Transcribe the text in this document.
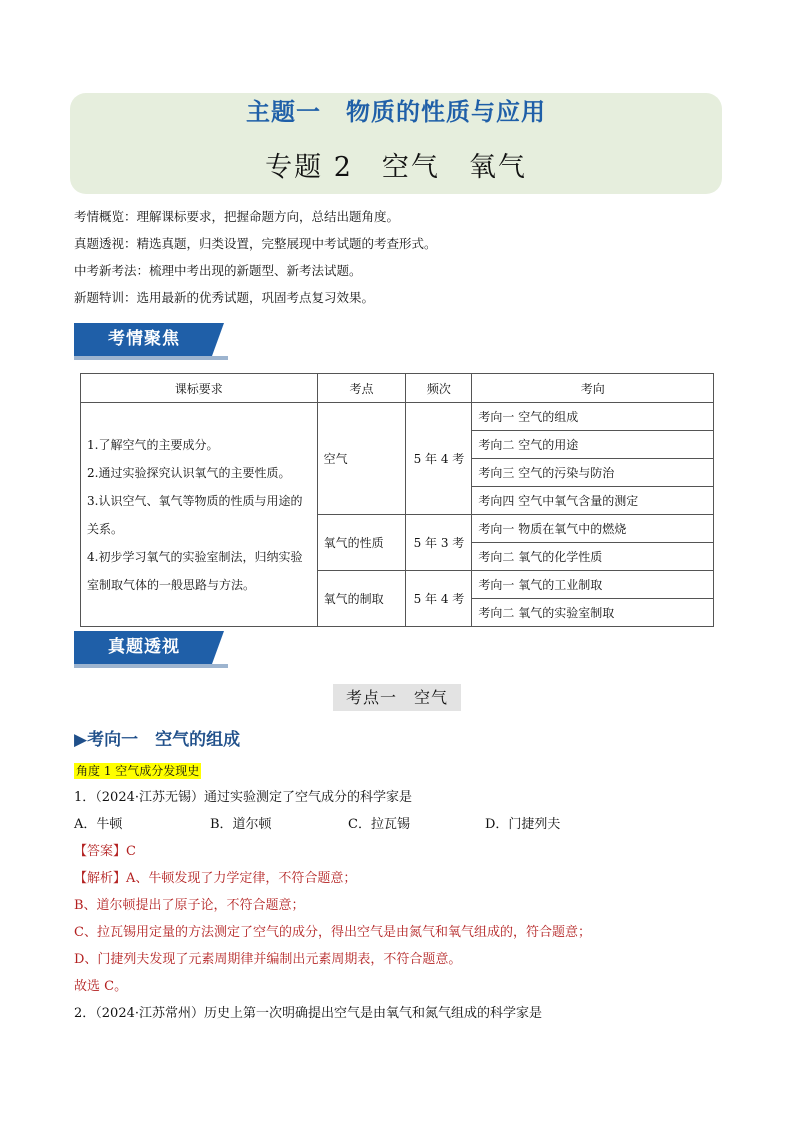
主题一　物质的性质与应用
专题 2　空气　氧气
考情概览：理解课标要求，把握命题方向，总结出题角度。
真题透视：精选真题，归类设置，完整展现中考试题的考查形式。
中考新考法：梳理中考出现的新题型、新考法试题。
新题特训：选用最新的优秀试题，巩固考点复习效果。
考情聚焦
课标要求	考点	频次	考向

1.了解空气的主要成分。
2.通过实验探究认识氧气的主要性质。
3.认识空气、氧气等物质的性质与用途的关系。
4.初步学习氧气的实验室制法，归纳实验室制取气体的一般思路与方法。	空气	5 年 4 考	考向一 空气的组成
			考向二 空气的用途
			考向三 空气的污染与防治
			考向四 空气中氧气含量的测定
	氧气的性质	5 年 3 考	考向一 物质在氧气中的燃烧
			考向二 氧气的化学性质
	氧气的制取	5 年 4 考	考向一 氧气的工业制取
			考向二 氧气的实验室制取
真题透视
考点一　空气
▶考向一　空气的组成
角度 1 空气成分发现史
1．（2024·江苏无锡）通过实验测定了空气成分的科学家是
A．牛顿	B．道尔顿	C．拉瓦锡	D．门捷列夫
【答案】C
【解析】A、牛顿发现了力学定律，不符合题意；
B、道尔顿提出了原子论，不符合题意；
C、拉瓦锡用定量的方法测定了空气的成分，得出空气是由氮气和氧气组成的，符合题意；
D、门捷列夫发现了元素周期律并编制出元素周期表，不符合题意。
故选 C。
2．（2024·江苏常州）历史上第一次明确提出空气是由氧气和氮气组成的科学家是
